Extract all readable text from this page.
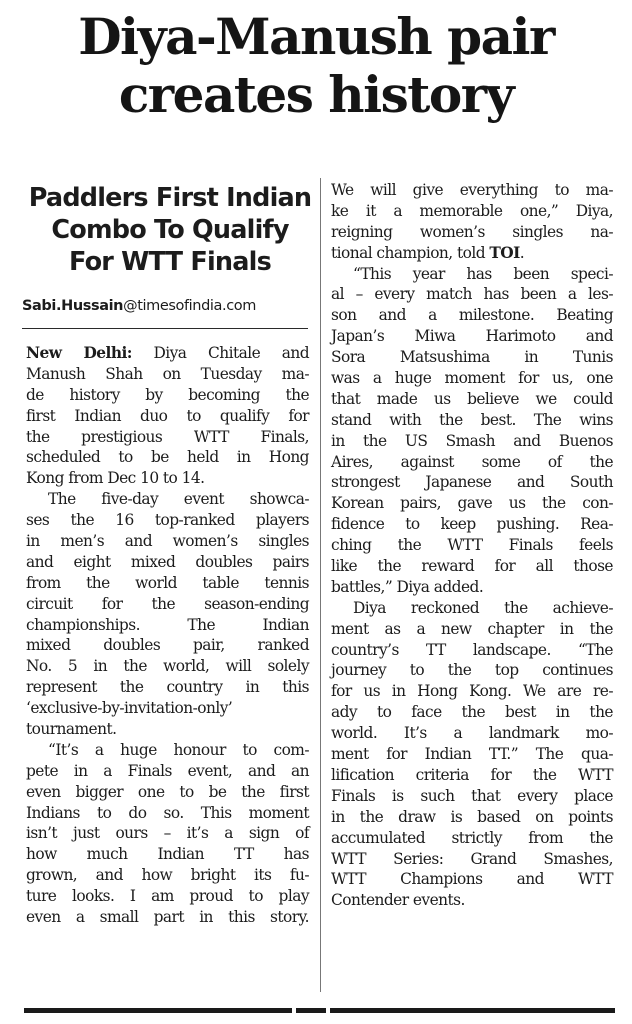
Diya-Manush pair
creates history
Paddlers First Indian
Combo To Qualify
For WTT Finals
Sabi.Hussain@timesofindia.com
New Delhi: Diya Chitale and
Manush Shah on Tuesday ma-
de history by becoming the
first Indian duo to qualify for
the prestigious WTT Finals,
scheduled to be held in Hong
Kong from Dec 10 to 14.
The five-day event showca-
ses the 16 top-ranked players
in men’s and women’s singles
and eight mixed doubles pairs
from the world table tennis
circuit for the season-ending
championships. The Indian
mixed doubles pair, ranked
No. 5 in the world, will solely
represent the country in this
‘exclusive-by-invitation-only’
tournament.
“It’s a huge honour to com-
pete in a Finals event, and an
even bigger one to be the first
Indians to do so. This moment
isn’t just ours – it’s a sign of
how much Indian TT has
grown, and how bright its fu-
ture looks. I am proud to play
even a small part in this story.
We will give everything to ma-
ke it a memorable one,” Diya,
reigning women’s singles na-
tional champion, told TOI.
“This year has been speci-
al – every match has been a les-
son and a milestone. Beating
Japan’s Miwa Harimoto and
Sora Matsushima in Tunis
was a huge moment for us, one
that made us believe we could
stand with the best. The wins
in the US Smash and Buenos
Aires, against some of the
strongest Japanese and South
Korean pairs, gave us the con-
fidence to keep pushing. Rea-
ching the WTT Finals feels
like the reward for all those
battles,” Diya added.
Diya reckoned the achieve-
ment as a new chapter in the
country’s TT landscape. “The
journey to the top continues
for us in Hong Kong. We are re-
ady to face the best in the
world. It’s a landmark mo-
ment for Indian TT.” The qua-
lification criteria for the WTT
Finals is such that every place
in the draw is based on points
accumulated strictly from the
WTT Series: Grand Smashes,
WTT Champions and WTT
Contender events.
